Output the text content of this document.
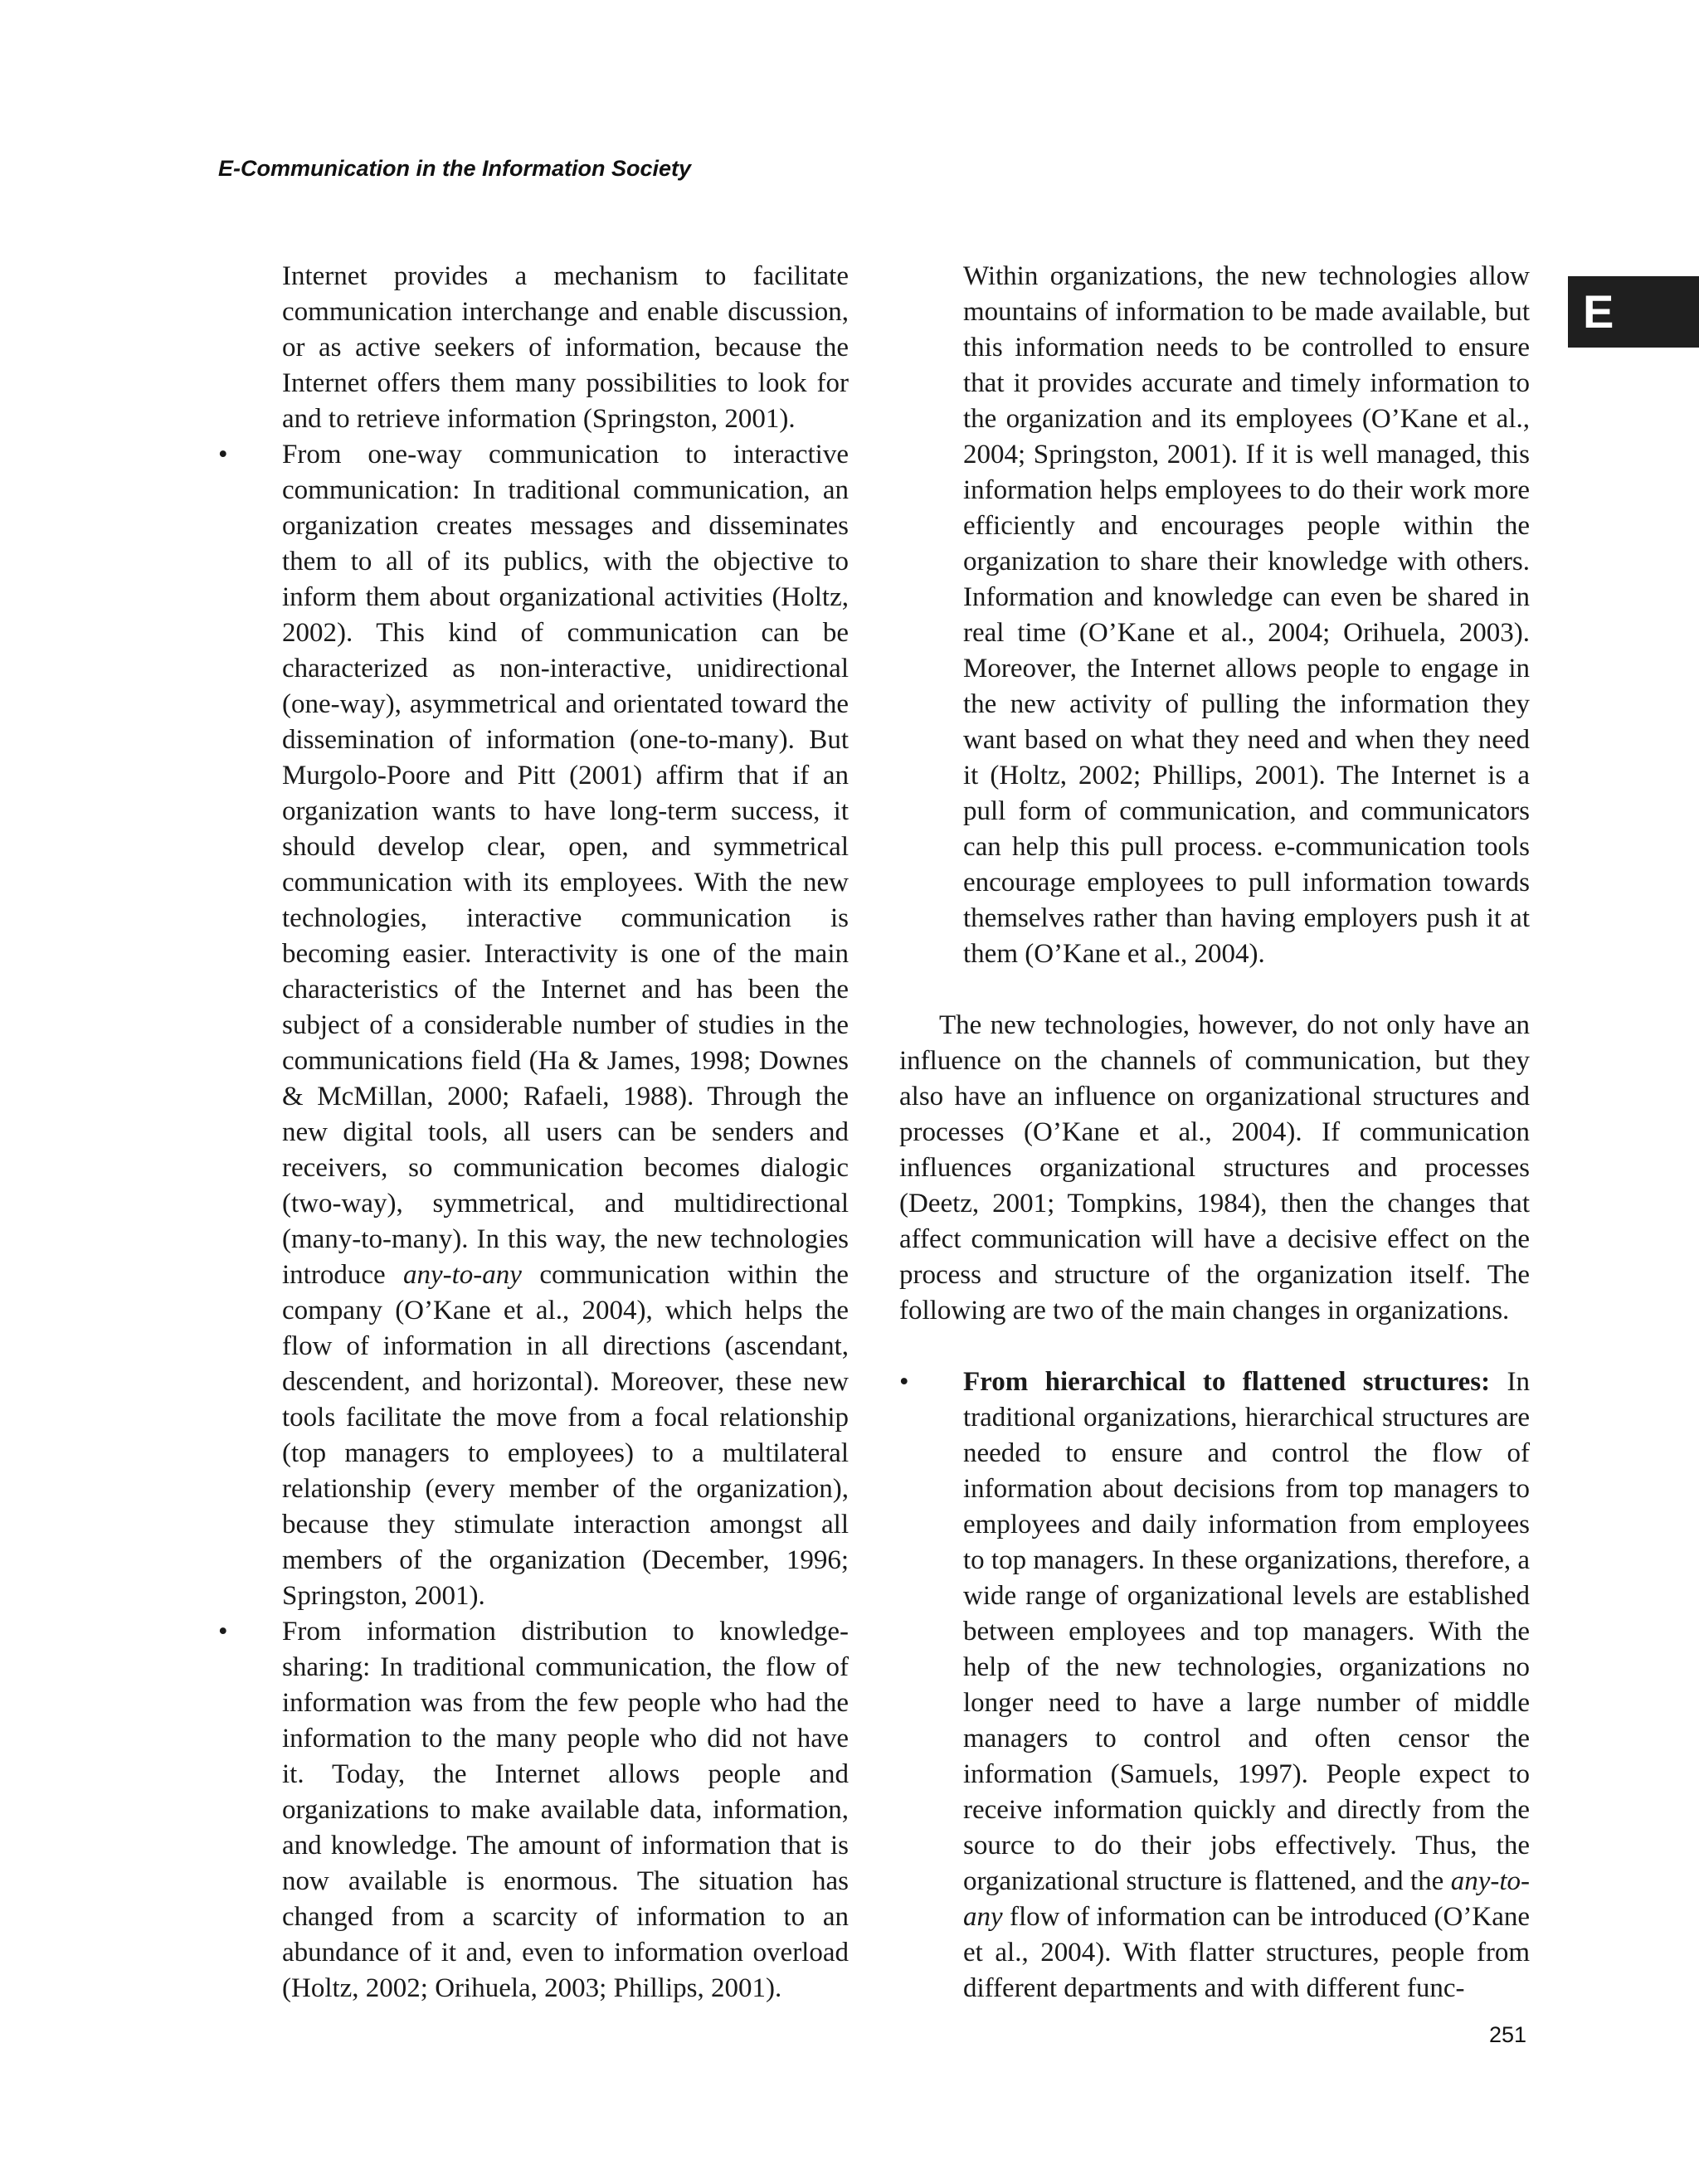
E-Communication in the Information Society

E

Internet provides a mechanism to facilitate communication interchange and enable discussion, or as active seekers of information, because the Internet offers them many possibilities to look for and to retrieve information (Springston, 2001).

• From one-way communication to interactive communication: In traditional communication, an organization creates messages and disseminates them to all of its publics, with the objective to inform them about organizational activities (Holtz, 2002). This kind of communication can be characterized as non-interactive, unidirectional (one-way), asymmetrical and orientated toward the dissemination of information (one-to-many). But Murgolo-Poore and Pitt (2001) affirm that if an organization wants to have long-term success, it should develop clear, open, and symmetrical communication with its employees. With the new technologies, interactive communication is becoming easier. Interactivity is one of the main characteristics of the Internet and has been the subject of a considerable number of studies in the communications field (Ha & James, 1998; Downes & McMillan, 2000; Rafaeli, 1988). Through the new digital tools, all users can be senders and receivers, so communication becomes dialogic (two-way), symmetrical, and multidirectional (many-to-many). In this way, the new technologies introduce any-to-any communication within the company (O’Kane et al., 2004), which helps the flow of information in all directions (ascendant, descendent, and horizontal). Moreover, these new tools facilitate the move from a focal relationship (top managers to employees) to a multilateral relationship (every member of the organization), because they stimulate interaction amongst all members of the organization (December, 1996; Springston, 2001).

• From information distribution to knowledge-sharing: In traditional communication, the flow of information was from the few people who had the information to the many people who did not have it. Today, the Internet allows people and organizations to make available data, information, and knowledge. The amount of information that is now available is enormous. The situation has changed from a scarcity of information to an abundance of it and, even to information overload (Holtz, 2002; Orihuela, 2003; Phillips, 2001).

Within organizations, the new technologies allow mountains of information to be made available, but this information needs to be controlled to ensure that it provides accurate and timely information to the organization and its employees (O’Kane et al., 2004; Springston, 2001). If it is well managed, this information helps employees to do their work more efficiently and encourages people within the organization to share their knowledge with others. Information and knowledge can even be shared in real time (O’Kane et al., 2004; Orihuela, 2003). Moreover, the Internet allows people to engage in the new activity of pulling the information they want based on what they need and when they need it (Holtz, 2002; Phillips, 2001). The Internet is a pull form of communication, and communicators can help this pull process. e-communication tools encourage employees to pull information towards themselves rather than having employers push it at them (O’Kane et al., 2004).

The new technologies, however, do not only have an influence on the channels of communication, but they also have an influence on organizational structures and processes (O’Kane et al., 2004). If communication influences organizational structures and processes (Deetz, 2001; Tompkins, 1984), then the changes that affect communication will have a decisive effect on the process and structure of the organization itself. The following are two of the main changes in organizations.

• From hierarchical to flattened structures: In traditional organizations, hierarchical structures are needed to ensure and control the flow of information about decisions from top managers to employees and daily information from employees to top managers. In these organizations, therefore, a wide range of organizational levels are established between employees and top managers. With the help of the new technologies, organizations no longer need to have a large number of middle managers to control and often censor the information (Samuels, 1997). People expect to receive information quickly and directly from the source to do their jobs effectively. Thus, the organizational structure is flattened, and the any-to-any flow of information can be introduced (O’Kane et al., 2004). With flatter structures, people from different departments and with different func-

251
